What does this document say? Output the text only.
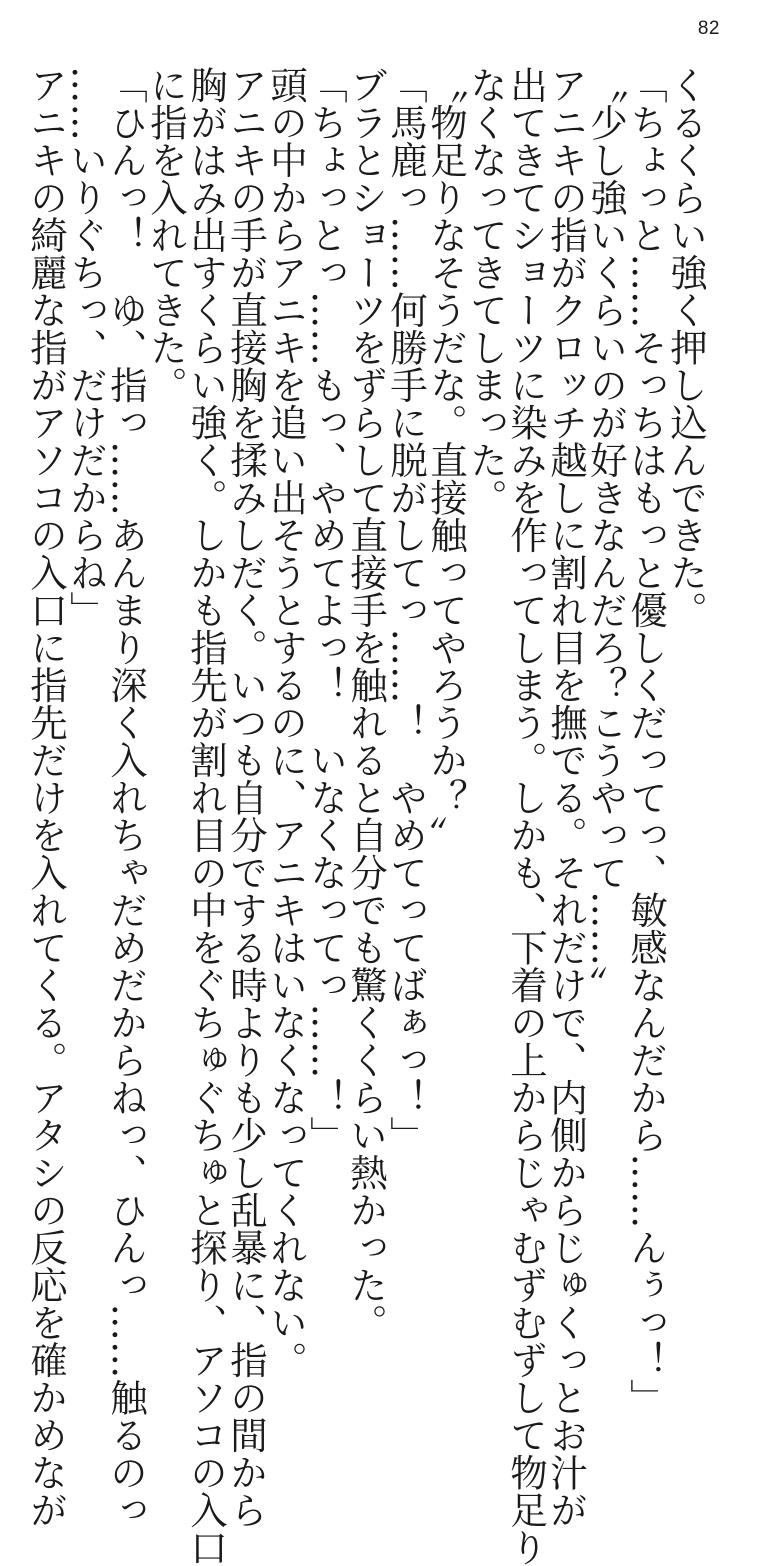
82
くるくらい強く押し込んできた。
「ちょっと……そっちはもっと優しくだってっ、敏感なんだから……んぅっ！」
〝少し強いくらいのが好きなんだろ？こうやって……〟
アニキの指がクロッチ越しに割れ目を撫でる。それだけで、内側からじゅくっとお汁が
出てきてショーツに染みを作ってしまう。しかも、下着の上からじゃむずむずして物足り
なくなってきてしまった。
〝物足りなそうだな。直接触ってやろうか？〟
「馬鹿っ……何勝手に脱がしてっ……！　やめてってばぁっ！」
ブラとショーツをずらして直接手を触れると自分でも驚くくらい熱かった。
「ちょっとっ……もっ、やめてよっ！　いなくなってっ……！」
頭の中からアニキを追い出そうとするのに、アニキはいなくなってくれない。
アニキの手が直接胸を揉みしだく。いつも自分でする時よりも少し乱暴に、指の間から
胸がはみ出すくらい強く。しかも指先が割れ目の中をぐちゅぐちゅと探り、アソコの入口
に指を入れてきた。
「ひんっ！　ゆ、指っ……あんまり深く入れちゃだめだからねっ、ひんっ……触るのっ
……いりぐちっ、だけだからね」
アニキの綺麗な指がアソコの入口に指先だけを入れてくる。アタシの反応を確かめなが
